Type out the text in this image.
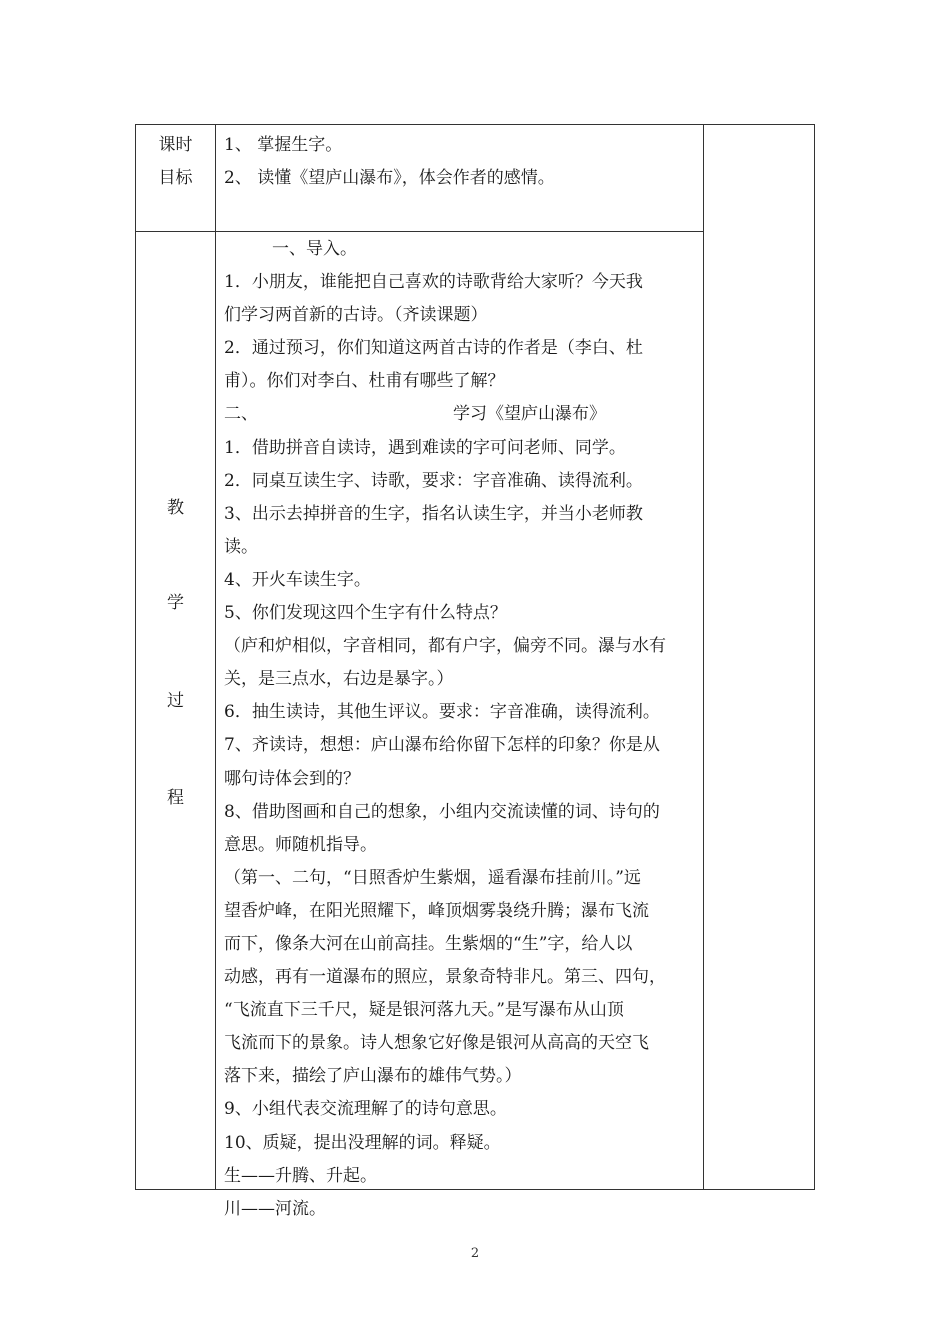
课时
目标
1、 掌握生字。
2、 读懂《望庐山瀑布》，体会作者的感情。
教
学
过
程
一、导入。
1．小朋友，谁能把自己喜欢的诗歌背给大家听？今天我
们学习两首新的古诗。（齐读课题）
2．通过预习，你们知道这两首古诗的作者是（李白、杜
甫）。你们对李白、杜甫有哪些了解？
二、	学习《望庐山瀑布》
1．借助拼音自读诗，遇到难读的字可问老师、同学。
2．同桌互读生字、诗歌，要求：字音准确、读得流利。
3、出示去掉拼音的生字，指名认读生字，并当小老师教
读。
4、开火车读生字。
5、你们发现这四个生字有什么特点？
（庐和炉相似，字音相同，都有户字，偏旁不同。瀑与水有
关，是三点水，右边是暴字。）
6．抽生读诗，其他生评议。要求：字音准确，读得流利。
7、齐读诗，想想：庐山瀑布给你留下怎样的印象？你是从
哪句诗体会到的？
8、借助图画和自己的想象，小组内交流读懂的词、诗句的
意思。师随机指导。
（第一、二句，“日照香炉生紫烟，遥看瀑布挂前川。”远
望香炉峰，在阳光照耀下，峰顶烟雾袅绕升腾；瀑布飞流
而下，像条大河在山前高挂。生紫烟的“生”字，给人以
动感，再有一道瀑布的照应，景象奇特非凡。第三、四句，
“飞流直下三千尺，疑是银河落九天。”是写瀑布从山顶
飞流而下的景象。诗人想象它好像是银河从高高的天空飞
落下来，描绘了庐山瀑布的雄伟气势。）
9、小组代表交流理解了的诗句意思。
10、质疑，提出没理解的词。释疑。
生——升腾、升起。
川——河流。
2
